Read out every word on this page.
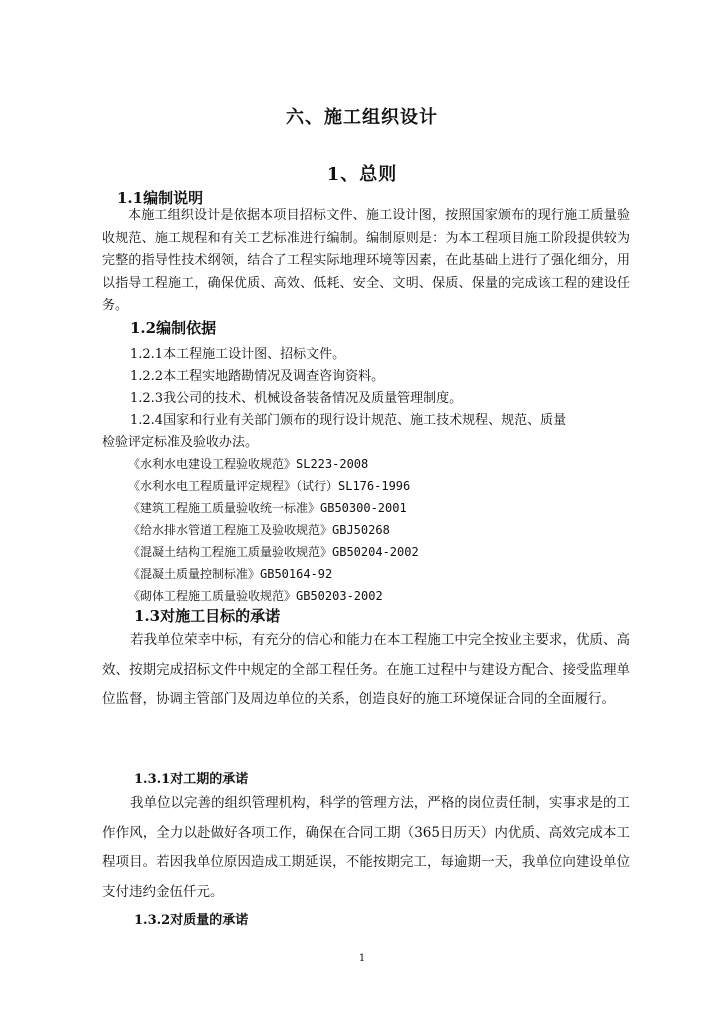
六、施工组织设计
1、总则
1.1编制说明
本施工组织设计是依据本项目招标文件、施工设计图，按照国家颁布的现行施工质量验收规范、施工规程和有关工艺标准进行编制。编制原则是：为本工程项目施工阶段提供较为完整的指导性技术纲领，结合了工程实际地理环境等因素，在此基础上进行了强化细分，用以指导工程施工，确保优质、高效、低耗、安全、文明、保质、保量的完成该工程的建设任务。
1.2编制依据
1.2.1本工程施工设计图、招标文件。
1.2.2本工程实地踏勘情况及调查咨询资料。
1.2.3我公司的技术、机械设备装备情况及质量管理制度。
1.2.4国家和行业有关部门颁布的现行设计规范、施工技术规程、规范、质量
检验评定标准及验收办法。
《水利水电建设工程验收规范》SL223-2008
《水利水电工程质量评定规程》（试行）SL176-1996
《建筑工程施工质量验收统一标准》GB50300-2001
《给水排水管道工程施工及验收规范》GBJ50268
《混凝土结构工程施工质量验收规范》GB50204-2002
《混凝土质量控制标准》GB50164-92
《砌体工程施工质量验收规范》GB50203-2002
1.3对施工目标的承诺
若我单位荣幸中标，有充分的信心和能力在本工程施工中完全按业主要求，优质、高效、按期完成招标文件中规定的全部工程任务。在施工过程中与建设方配合、接受监理单位监督，协调主管部门及周边单位的关系，创造良好的施工环境保证合同的全面履行。
1.3.1对工期的承诺
我单位以完善的组织管理机构，科学的管理方法，严格的岗位责任制，实事求是的工作作风，全力以赴做好各项工作，确保在合同工期（365日历天）内优质、高效完成本工程项目。若因我单位原因造成工期延误，不能按期完工，每逾期一天，我单位向建设单位支付违约金伍仟元。
1.3.2对质量的承诺
1
